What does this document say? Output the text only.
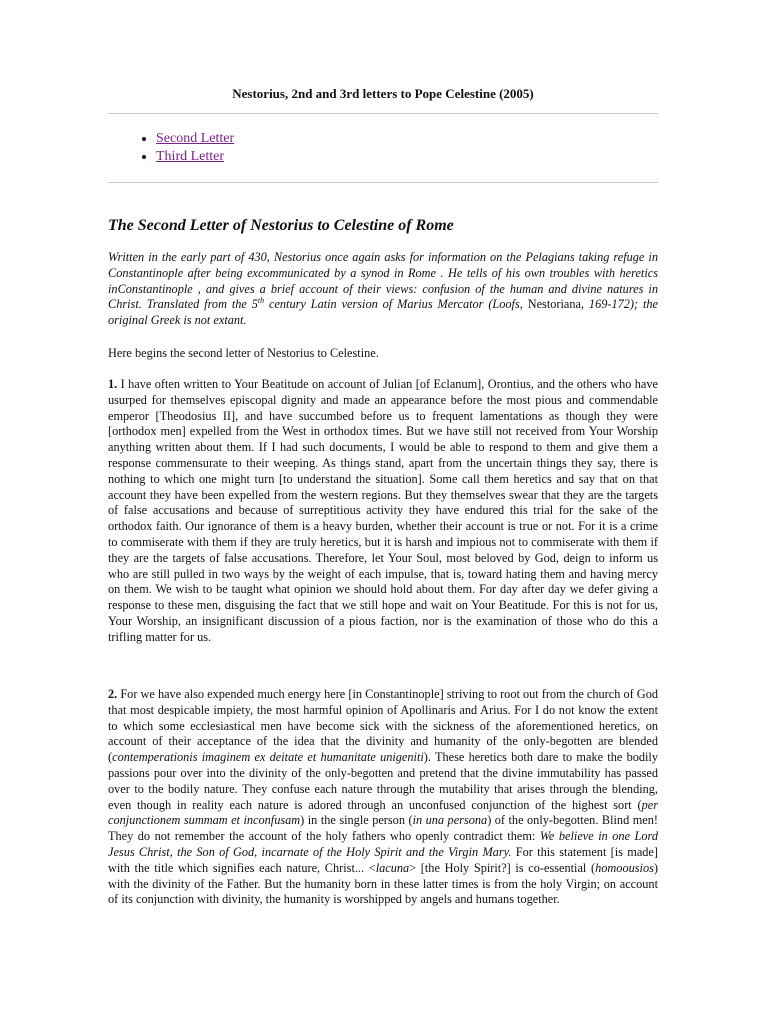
Nestorius, 2nd and 3rd letters to Pope Celestine (2005)
• Second Letter
• Third Letter
The Second Letter of Nestorius to Celestine of Rome

Written in the early part of 430, Nestorius once again asks for information on the Pelagians taking refuge in Constantinople after being excommunicated by a synod in Rome . He tells of his own troubles with heretics inConstantinople , and gives a brief account of their views: confusion of the human and divine natures in Christ. Translated from the 5th century Latin version of Marius Mercator (Loofs, Nestoriana, 169-172); the original Greek is not extant.

Here begins the second letter of Nestorius to Celestine.

1. I have often written to Your Beatitude on account of Julian [of Eclanum], Orontius, and the others who have usurped for themselves episcopal dignity and made an appearance before the most pious and commendable emperor [Theodosius II], and have succumbed before us to frequent lamentations as though they were [orthodox men] expelled from the West in orthodox times. But we have still not received from Your Worship anything written about them. If I had such documents, I would be able to respond to them and give them a response commensurate to their weeping. As things stand, apart from the uncertain things they say, there is nothing to which one might turn [to understand the situation]. Some call them heretics and say that on that account they have been expelled from the western regions. But they themselves swear that they are the targets of false accusations and because of surreptitious activity they have endured this trial for the sake of the orthodox faith. Our ignorance of them is a heavy burden, whether their account is true or not. For it is a crime to commiserate with them if they are truly heretics, but it is harsh and impious not to commiserate with them if they are the targets of false accusations. Therefore, let Your Soul, most beloved by God, deign to inform us who are still pulled in two ways by the weight of each impulse, that is, toward hating them and having mercy on them. We wish to be taught what opinion we should hold about them. For day after day we defer giving a response to these men, disguising the fact that we still hope and wait on Your Beatitude. For this is not for us, Your Worship, an insignificant discussion of a pious faction, nor is the examination of those who do this a trifling matter for us.

2. For we have also expended much energy here [in Constantinople] striving to root out from the church of God that most despicable impiety, the most harmful opinion of Apollinaris and Arius. For I do not know the extent to which some ecclesiastical men have become sick with the sickness of the aforementioned heretics, on account of their acceptance of the idea that the divinity and humanity of the only-begotten are blended (contemperationis imaginem ex deitate et humanitate unigeniti). These heretics both dare to make the bodily passions pour over into the divinity of the only-begotten and pretend that the divine immutability has passed over to the bodily nature. They confuse each nature through the mutability that arises through the blending, even though in reality each nature is adored through an unconfused conjunction of the highest sort (per conjunctionem summam et inconfusam) in the single person (in una persona) of the only-begotten. Blind men! They do not remember the account of the holy fathers who openly contradict them: We believe in one Lord Jesus Christ, the Son of God, incarnate of the Holy Spirit and the Virgin Mary. For this statement [is made] with the title which signifies each nature, Christ... <lacuna> [the Holy Spirit?] is co-essential (homoousios) with the divinity of the Father. But the humanity born in these latter times is from the holy Virgin; on account of its conjunction with divinity, the humanity is worshipped by angels and humans together.
